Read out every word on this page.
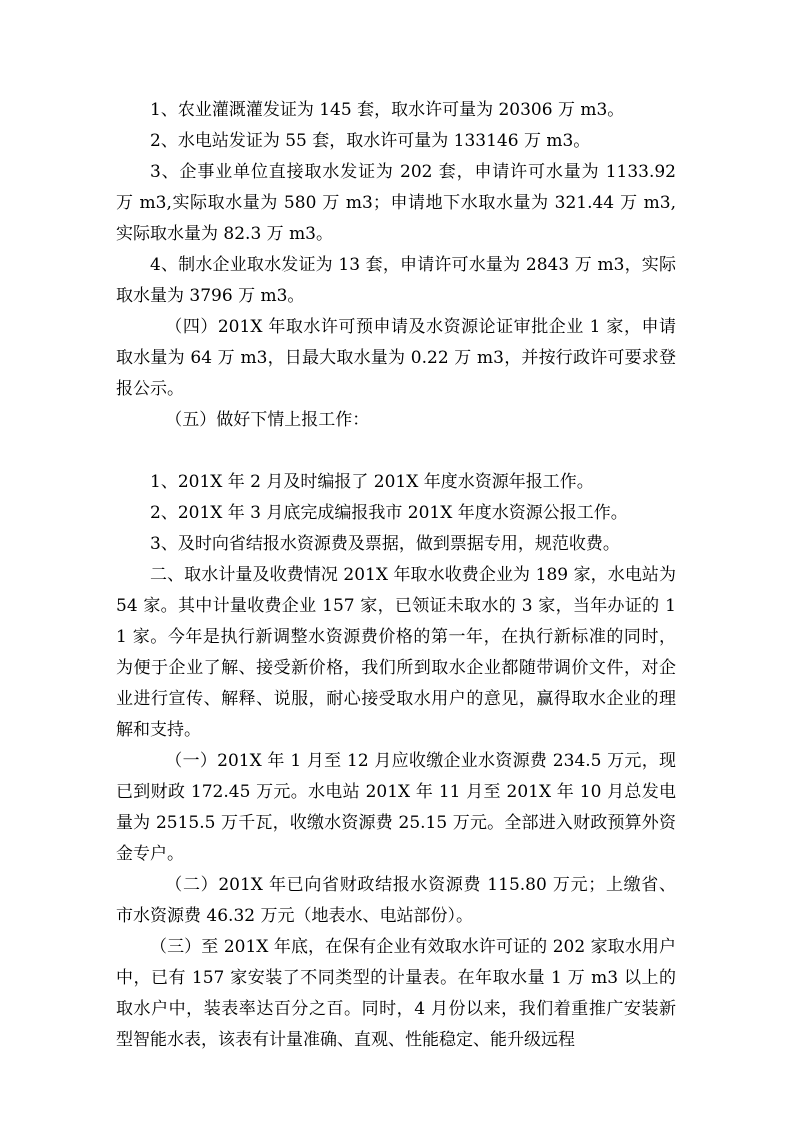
1、农业灌溉灌发证为 145 套，取水许可量为 20306 万 m3。

2、水电站发证为 55 套，取水许可量为 133146 万 m3。

3、企事业单位直接取水发证为 202 套，申请许可水量为 1133.92 万 m3,实际取水量为 580 万 m3；申请地下水取水量为 321.44 万 m3,实际取水量为 82.3 万 m3。

4、制水企业取水发证为 13 套，申请许可水量为 2843 万 m3，实际取水量为 3796 万 m3。

（四）201X 年取水许可预申请及水资源论证审批企业 1 家，申请取水量为 64 万 m3，日最大取水量为 0.22 万 m3，并按行政许可要求登报公示。

（五）做好下情上报工作：

1、201X 年 2 月及时编报了 201X 年度水资源年报工作。

2、201X 年 3 月底完成编报我市 201X 年度水资源公报工作。

3、及时向省结报水资源费及票据，做到票据专用，规范收费。

二、取水计量及收费情况 201X 年取水收费企业为 189 家，水电站为 54 家。其中计量收费企业 157 家，已领证未取水的 3 家，当年办证的 11 家。今年是执行新调整水资源费价格的第一年，在执行新标准的同时，为便于企业了解、接受新价格，我们所到取水企业都随带调价文件，对企业进行宣传、解释、说服，耐心接受取水用户的意见，赢得取水企业的理解和支持。

（一）201X 年 1 月至 12 月应收缴企业水资源费 234.5 万元，现已到财政 172.45 万元。水电站 201X 年 11 月至 201X 年 10 月总发电量为 2515.5 万千瓦，收缴水资源费 25.15 万元。全部进入财政预算外资金专户。

（二）201X 年已向省财政结报水资源费 115.80 万元；上缴省、市水资源费 46.32 万元（地表水、电站部份）。

（三）至 201X 年底，在保有企业有效取水许可证的 202 家取水用户中，已有 157 家安装了不同类型的计量表。在年取水量 1 万 m3 以上的取水户中，装表率达百分之百。同时，4 月份以来，我们着重推广安装新型智能水表，该表有计量准确、直观、性能稳定、能升级远程
